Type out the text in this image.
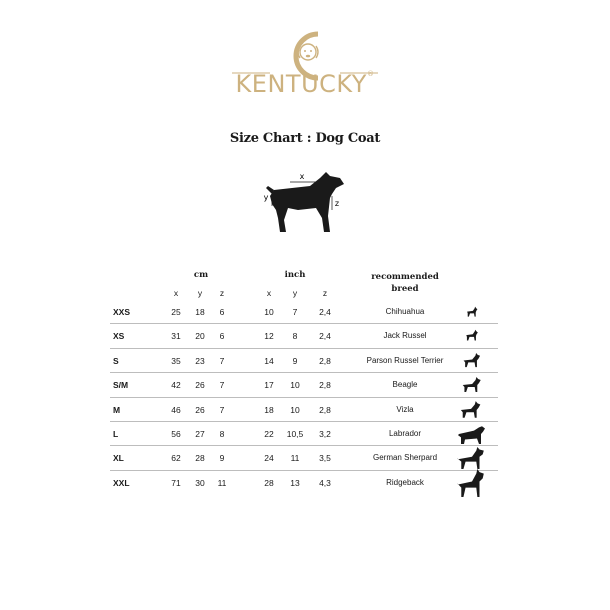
KENTUCKY®
Size Chart : Dog Coat
x
y
z
cm	inch	recommended
breed
x	y	z	x	y	z
XXS	25	18	6	10	7	2,4	Chihuahua
XS	31	20	6	12	8	2,4	Jack Russel
S	35	23	7	14	9	2,8	Parson Russel Terrier
S/M	42	26	7	17	10	2,8	Beagle
M	46	26	7	18	10	2,8	Vizla
L	56	27	8	22	10,5	3,2	Labrador
XL	62	28	9	24	11	3,5	German Sherpard
XXL	71	30	11	28	13	4,3	Ridgeback
